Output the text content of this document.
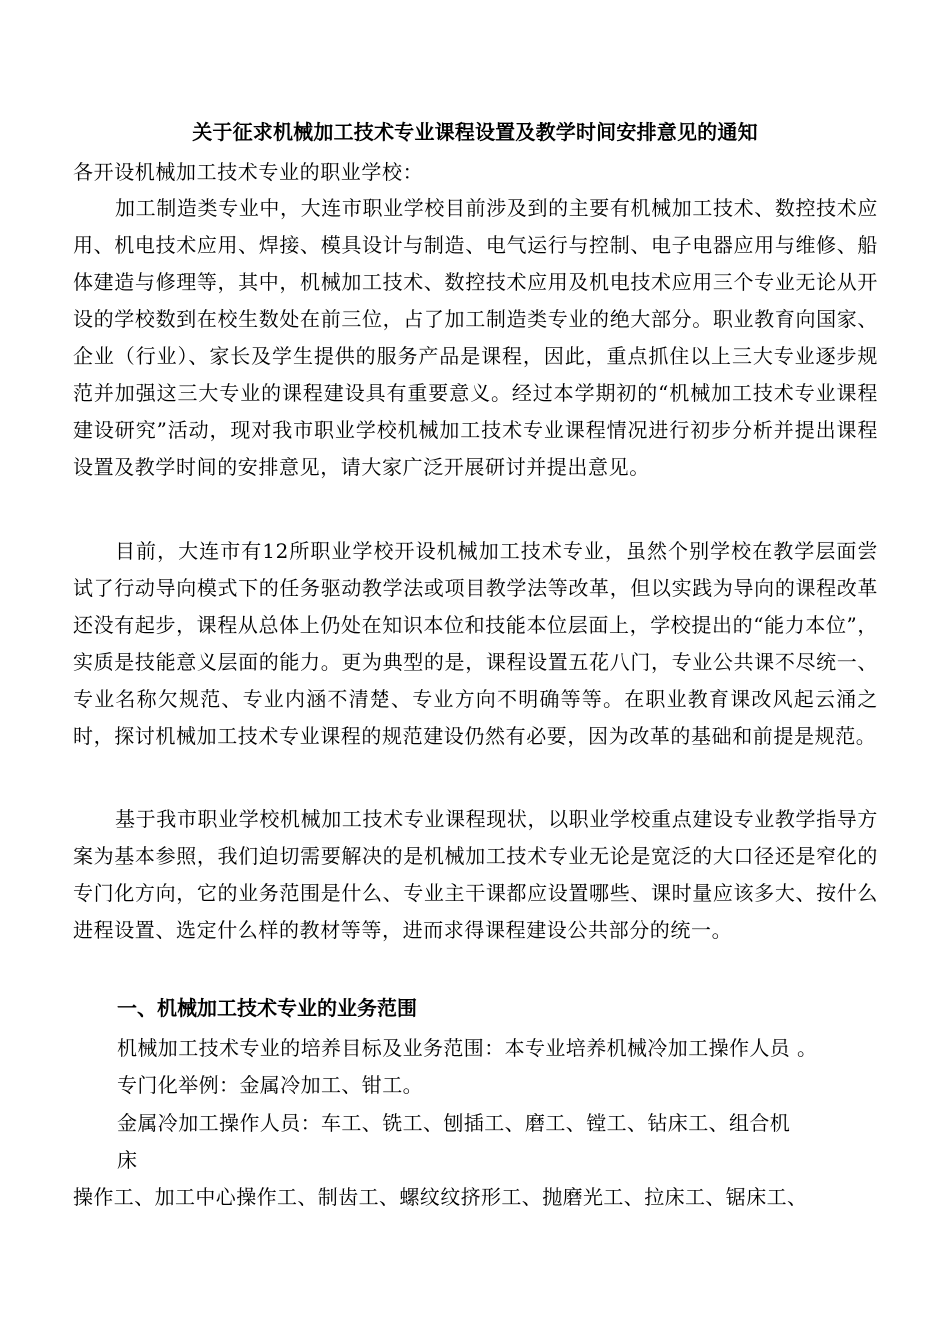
关于征求机械加工技术专业课程设置及教学时间安排意见的通知
各开设机械加工技术专业的职业学校：
加工制造类专业中，大连市职业学校目前涉及到的主要有机械加工技术、数控技术应用、机电技术应用、焊接、模具设计与制造、电气运行与控制、电子电器应用与维修、船体建造与修理等，其中，机械加工技术、数控技术应用及机电技术应用三个专业无论从开设的学校数到在校生数处在前三位，占了加工制造类专业的绝大部分。职业教育向国家、企业（行业）、家长及学生提供的服务产品是课程，因此，重点抓住以上三大专业逐步规范并加强这三大专业的课程建设具有重要意义。经过本学期初的“机械加工技术专业课程建设研究”活动，现对我市职业学校机械加工技术专业课程情况进行初步分析并提出课程设置及教学时间的安排意见，请大家广泛开展研讨并提出意见。
目前，大连市有12所职业学校开设机械加工技术专业，虽然个别学校在教学层面尝试了行动导向模式下的任务驱动教学法或项目教学法等改革，但以实践为导向的课程改革还没有起步，课程从总体上仍处在知识本位和技能本位层面上，学校提出的“能力本位”，实质是技能意义层面的能力。更为典型的是，课程设置五花八门，专业公共课不尽统一、专业名称欠规范、专业内涵不清楚、专业方向不明确等等。在职业教育课改风起云涌之时，探讨机械加工技术专业课程的规范建设仍然有必要，因为改革的基础和前提是规范。
基于我市职业学校机械加工技术专业课程现状，以职业学校重点建设专业教学指导方案为基本参照，我们迫切需要解决的是机械加工技术专业无论是宽泛的大口径还是窄化的专门化方向，它的业务范围是什么、专业主干课都应设置哪些、课时量应该多大、按什么进程设置、选定什么样的教材等等，进而求得课程建设公共部分的统一。
一、机械加工技术专业的业务范围
机械加工技术专业的培养目标及业务范围：本专业培养机械冷加工操作人员 。
专门化举例：金属冷加工、钳工。
金属冷加工操作人员：车工、铣工、刨插工、磨工、镗工、钻床工、组合机
床
操作工、加工中心操作工、制齿工、螺纹纹挤形工、抛磨光工、拉床工、锯床工、
